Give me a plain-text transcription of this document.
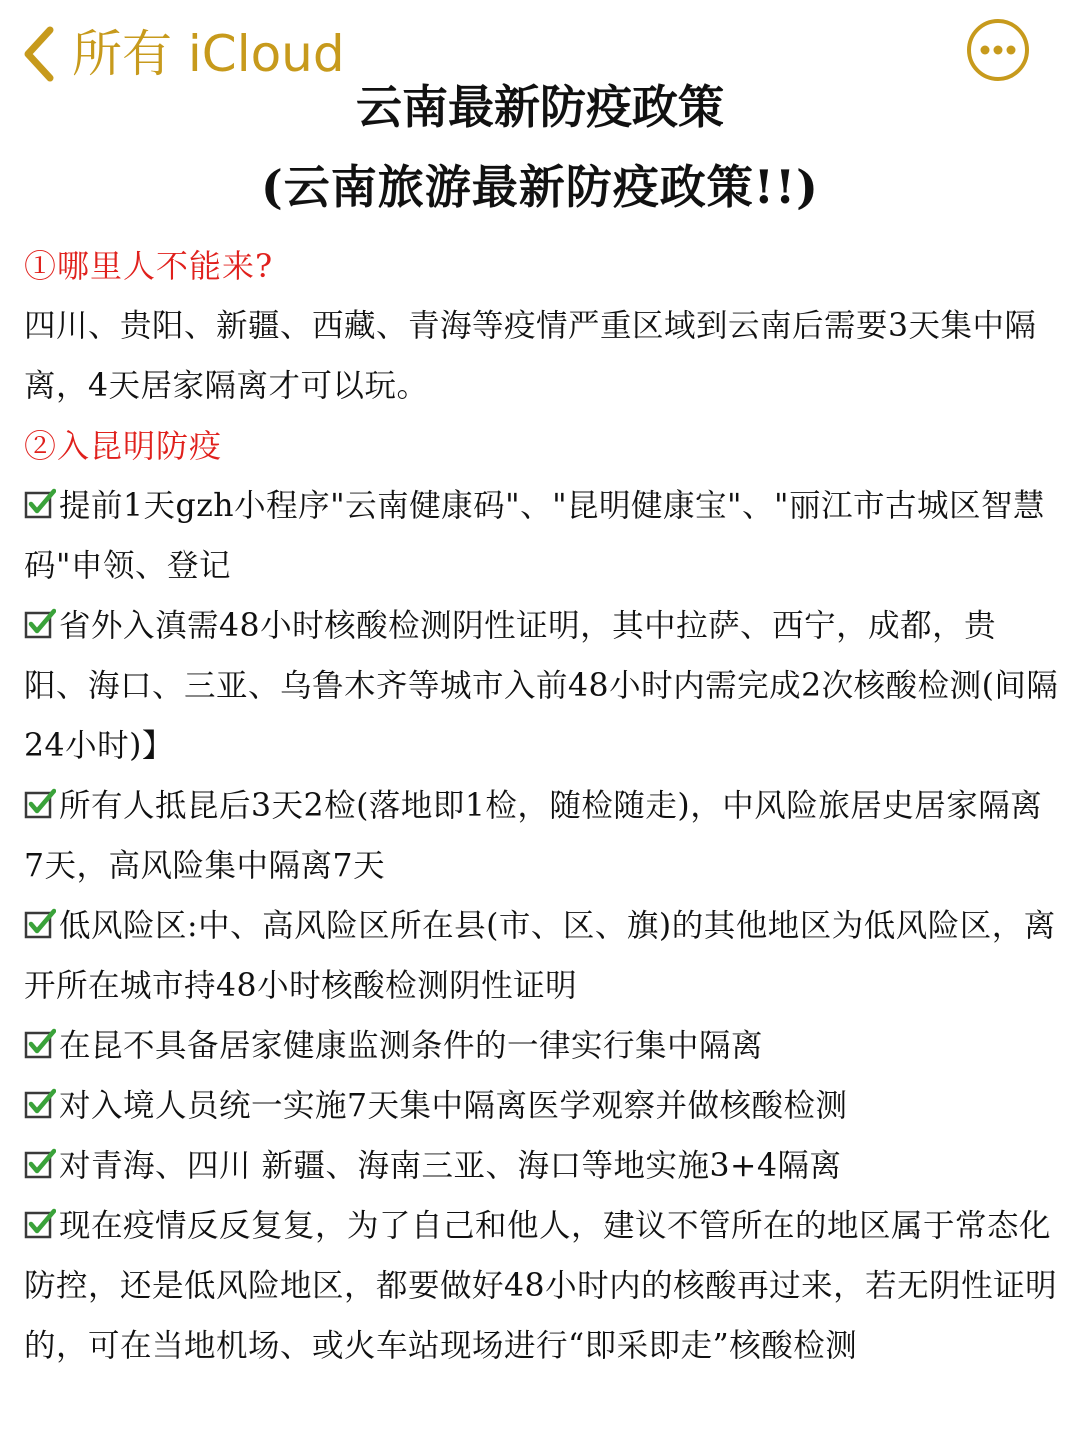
所有 iCloud
云南最新防疫政策
(云南旅游最新防疫政策!!)
①哪里人不能来?
四川、贵阳、新疆、西藏、青海等疫情严重区域到云南后需要3天集中隔离，4天居家隔离才可以玩。
②入昆明防疫
提前1天gzh小程序"云南健康码"、"昆明健康宝"、"丽江市古城区智慧码"申领、登记
省外入滇需48小时核酸检测阴性证明，其中拉萨、西宁，成都，贵阳、海口、三亚、乌鲁木齐等城市入前48小时内需完成2次核酸检测(间隔24小时)】
所有人抵昆后3天2检(落地即1检，随检随走)，中风险旅居史居家隔离7天，高风险集中隔离7天
低风险区:中、高风险区所在县(市、区、旗)的其他地区为低风险区，离开所在城市持48小时核酸检测阴性证明
在昆不具备居家健康监测条件的一律实行集中隔离
对入境人员统一实施7天集中隔离医学观察并做核酸检测
对青海、四川 新疆、海南三亚、海口等地实施3+4隔离
现在疫情反反复复，为了自己和他人，建议不管所在的地区属于常态化防控，还是低风险地区，都要做好48小时内的核酸再过来，若无阴性证明的，可在当地机场、或火车站现场进行“即采即走”核酸检测
